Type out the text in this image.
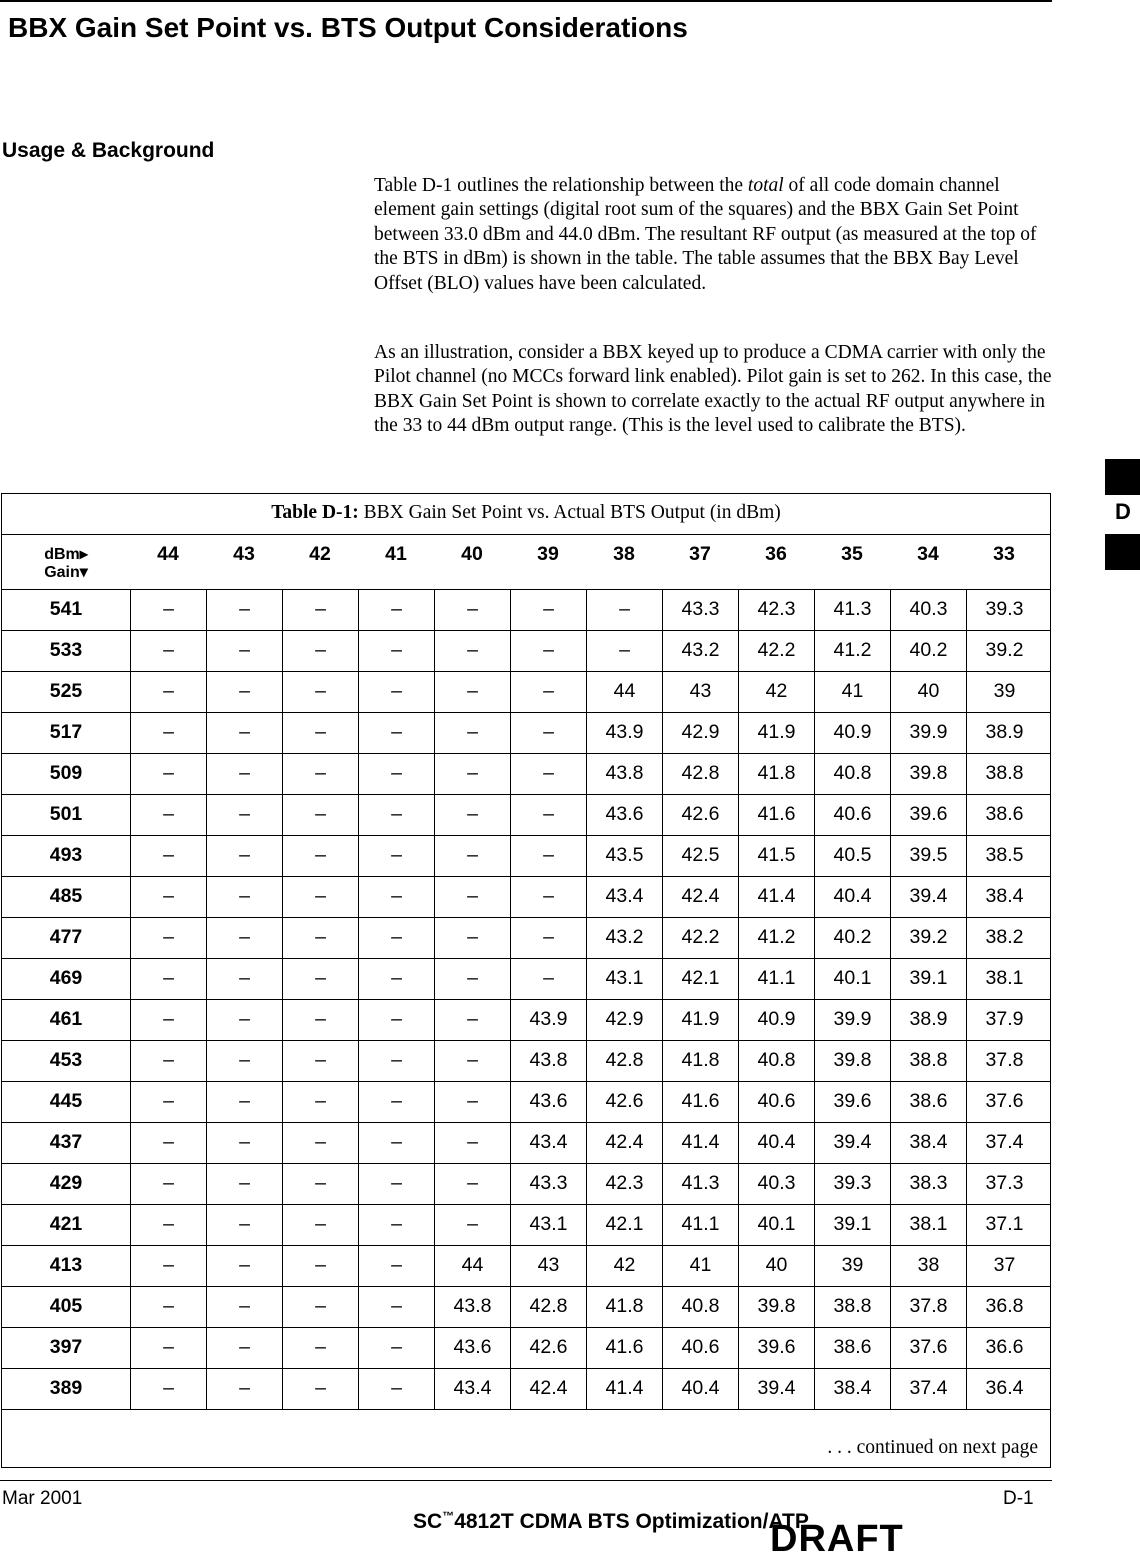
BBX Gain Set Point vs. BTS Output Considerations
Usage & Background
Table D-1 outlines the relationship between the total of all code domain channel element gain settings (digital root sum of the squares) and the BBX Gain Set Point between 33.0 dBm and 44.0 dBm. The resultant RF output (as measured at the top of the BTS in dBm) is shown in the table. The table assumes that the BBX Bay Level Offset (BLO) values have been calculated.
As an illustration, consider a BBX keyed up to produce a CDMA carrier with only the Pilot channel (no MCCs forward link enabled). Pilot gain is set to 262. In this case, the BBX Gain Set Point is shown to correlate exactly to the actual RF output anywhere in the 33 to 44 dBm output range. (This is the level used to calibrate the BTS).
Table D-1: BBX Gain Set Point vs. Actual BTS Output (in dBm)
dBm▸
Gain▾
44	43	42	41	40	39	38	37	36	35	34	33
541	–	–	–	–	–	–	–	43.3	42.3	41.3	40.3	39.3
533	–	–	–	–	–	–	–	43.2	42.2	41.2	40.2	39.2
525	–	–	–	–	–	–	44	43	42	41	40	39
517	–	–	–	–	–	–	43.9	42.9	41.9	40.9	39.9	38.9
509	–	–	–	–	–	–	43.8	42.8	41.8	40.8	39.8	38.8
501	–	–	–	–	–	–	43.6	42.6	41.6	40.6	39.6	38.6
493	–	–	–	–	–	–	43.5	42.5	41.5	40.5	39.5	38.5
485	–	–	–	–	–	–	43.4	42.4	41.4	40.4	39.4	38.4
477	–	–	–	–	–	–	43.2	42.2	41.2	40.2	39.2	38.2
469	–	–	–	–	–	–	43.1	42.1	41.1	40.1	39.1	38.1
461	–	–	–	–	–	43.9	42.9	41.9	40.9	39.9	38.9	37.9
453	–	–	–	–	–	43.8	42.8	41.8	40.8	39.8	38.8	37.8
445	–	–	–	–	–	43.6	42.6	41.6	40.6	39.6	38.6	37.6
437	–	–	–	–	–	43.4	42.4	41.4	40.4	39.4	38.4	37.4
429	–	–	–	–	–	43.3	42.3	41.3	40.3	39.3	38.3	37.3
421	–	–	–	–	–	43.1	42.1	41.1	40.1	39.1	38.1	37.1
413	–	–	–	–	44	43	42	41	40	39	38	37
405	–	–	–	–	43.8	42.8	41.8	40.8	39.8	38.8	37.8	36.8
397	–	–	–	–	43.6	42.6	41.6	40.6	39.6	38.6	37.6	36.6
389	–	–	–	–	43.4	42.4	41.4	40.4	39.4	38.4	37.4	36.4
. . . continued on next page
Mar 2001
SC™4812T CDMA BTS Optimization/ATP
D-1
DRAFT
D
